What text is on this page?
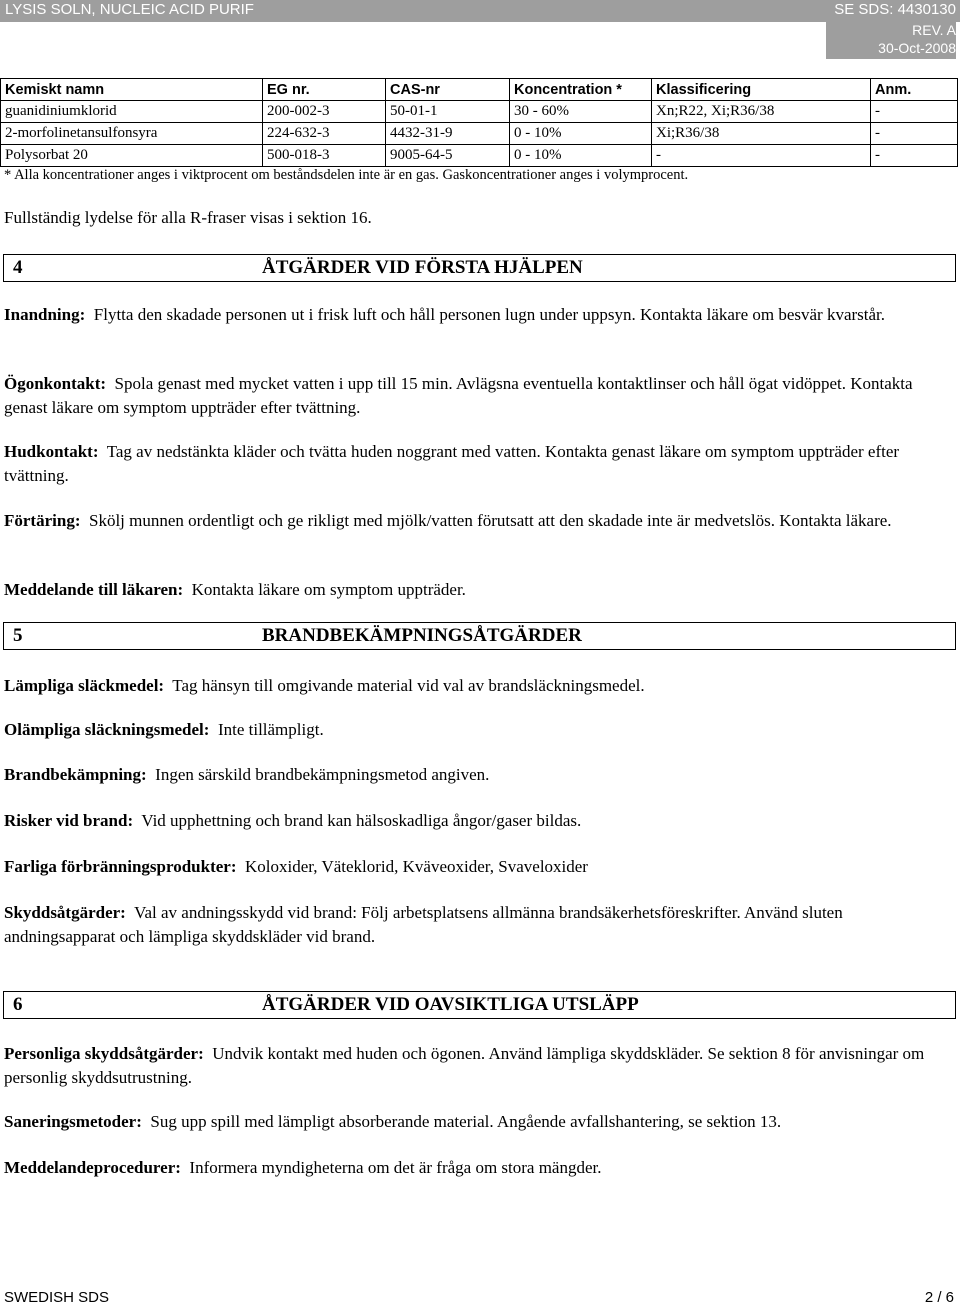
LYSIS SOLN, NUCLEIC ACID PURIF	SE SDS: 4430130
REV. A
30-Oct-2008
Kemiskt namn	EG nr.	CAS-nr	Koncentration *	Klassificering	Anm.
guanidiniumklorid	200-002-3	50-01-1	30 - 60%	Xn;R22, Xi;R36/38	-
2-morfolinetansulfonsyra	224-632-3	4432-31-9	0 - 10%	Xi;R36/38	-
Polysorbat 20	500-018-3	9005-64-5	0 - 10%	-	-
* Alla koncentrationer anges i viktprocent om beståndsdelen inte är en gas. Gaskoncentrationer anges i volymprocent.
Fullständig lydelse för alla R-fraser visas i sektion 16.
4	ÅTGÄRDER VID FÖRSTA HJÄLPEN
Inandning: Flytta den skadade personen ut i frisk luft och håll personen lugn under uppsyn. Kontakta läkare om besvär kvarstår.
Ögonkontakt: Spola genast med mycket vatten i upp till 15 min. Avlägsna eventuella kontaktlinser och håll ögat vidöppet. Kontakta genast läkare om symptom uppträder efter tvättning.
Hudkontakt: Tag av nedstänkta kläder och tvätta huden noggrant med vatten. Kontakta genast läkare om symptom uppträder efter tvättning.
Förtäring: Skölj munnen ordentligt och ge rikligt med mjölk/vatten förutsatt att den skadade inte är medvetslös. Kontakta läkare.
Meddelande till läkaren: Kontakta läkare om symptom uppträder.
5	BRANDBEKÄMPNINGSÅTGÄRDER
Lämpliga släckmedel: Tag hänsyn till omgivande material vid val av brandsläckningsmedel.
Olämpliga släckningsmedel: Inte tillämpligt.
Brandbekämpning: Ingen särskild brandbekämpningsmetod angiven.
Risker vid brand: Vid upphettning och brand kan hälsoskadliga ångor/gaser bildas.
Farliga förbränningsprodukter: Koloxider, Väteklorid, Kväveoxider, Svaveloxider
Skyddsåtgärder: Val av andningsskydd vid brand: Följ arbetsplatsens allmänna brandsäkerhetsföreskrifter. Använd sluten andningsapparat och lämpliga skyddskläder vid brand.
6	ÅTGÄRDER VID OAVSIKTLIGA UTSLÄPP
Personliga skyddsåtgärder: Undvik kontakt med huden och ögonen. Använd lämpliga skyddskläder. Se sektion 8 för anvisningar om personlig skyddsutrustning.
Saneringsmetoder: Sug upp spill med lämpligt absorberande material. Angående avfallshantering, se sektion 13.
Meddelandeprocedurer: Informera myndigheterna om det är fråga om stora mängder.
SWEDISH SDS	2 / 6
